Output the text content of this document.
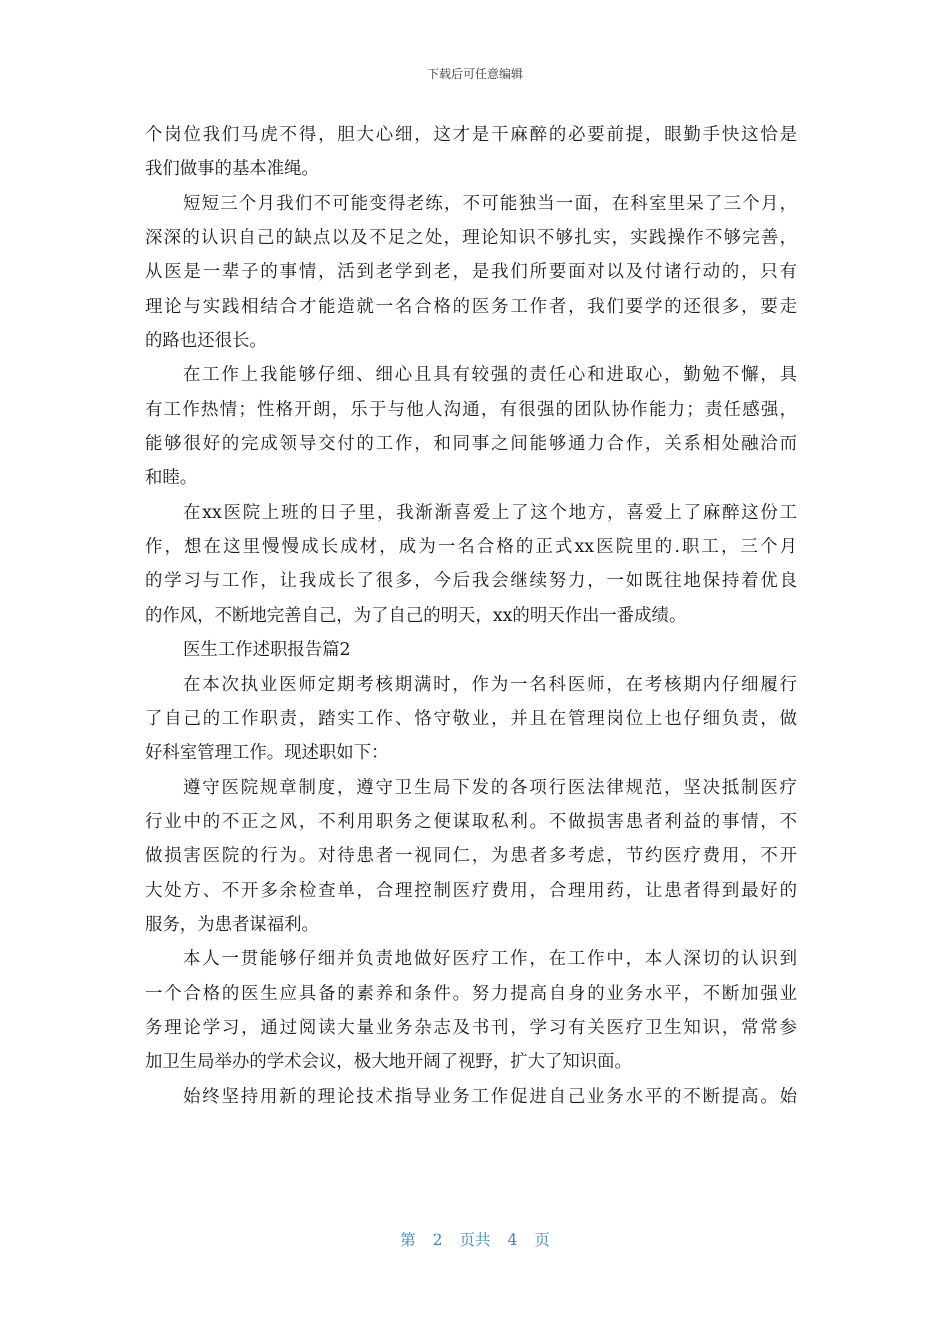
下载后可任意编辑
个岗位我们马虎不得，胆大心细，这才是干麻醉的必要前提，眼勤手快这恰是
我们做事的基本准绳。
短短三个月我们不可能变得老练，不可能独当一面，在科室里呆了三个月，
深深的认识自己的缺点以及不足之处，理论知识不够扎实，实践操作不够完善，
从医是一辈子的事情，活到老学到老，是我们所要面对以及付诸行动的，只有
理论与实践相结合才能造就一名合格的医务工作者，我们要学的还很多，要走
的路也还很长。
在工作上我能够仔细、细心且具有较强的责任心和进取心，勤勉不懈，具
有工作热情；性格开朗，乐于与他人沟通，有很强的团队协作能力；责任感强，
能够很好的完成领导交付的工作，和同事之间能够通力合作，关系相处融洽而
和睦。
在xx医院上班的日子里，我渐渐喜爱上了这个地方，喜爱上了麻醉这份工
作，想在这里慢慢成长成材，成为一名合格的正式xx医院里的.职工，三个月
的学习与工作，让我成长了很多，今后我会继续努力，一如既往地保持着优良
的作风，不断地完善自己，为了自己的明天，xx的明天作出一番成绩。
医生工作述职报告篇2
在本次执业医师定期考核期满时，作为一名科医师，在考核期内仔细履行
了自己的工作职责，踏实工作、恪守敬业，并且在管理岗位上也仔细负责，做
好科室管理工作。现述职如下：
遵守医院规章制度，遵守卫生局下发的各项行医法律规范，坚决抵制医疗
行业中的不正之风，不利用职务之便谋取私利。不做损害患者利益的事情，不
做损害医院的行为。对待患者一视同仁，为患者多考虑，节约医疗费用，不开
大处方、不开多余检查单，合理控制医疗费用，合理用药，让患者得到最好的
服务，为患者谋福利。
本人一贯能够仔细并负责地做好医疗工作，在工作中，本人深切的认识到
一个合格的医生应具备的素养和条件。努力提高自身的业务水平，不断加强业
务理论学习，通过阅读大量业务杂志及书刊，学习有关医疗卫生知识，常常参
加卫生局举办的学术会议，极大地开阔了视野，扩大了知识面。
始终坚持用新的理论技术指导业务工作促进自己业务水平的不断提高。始
第 2 页共 4 页
